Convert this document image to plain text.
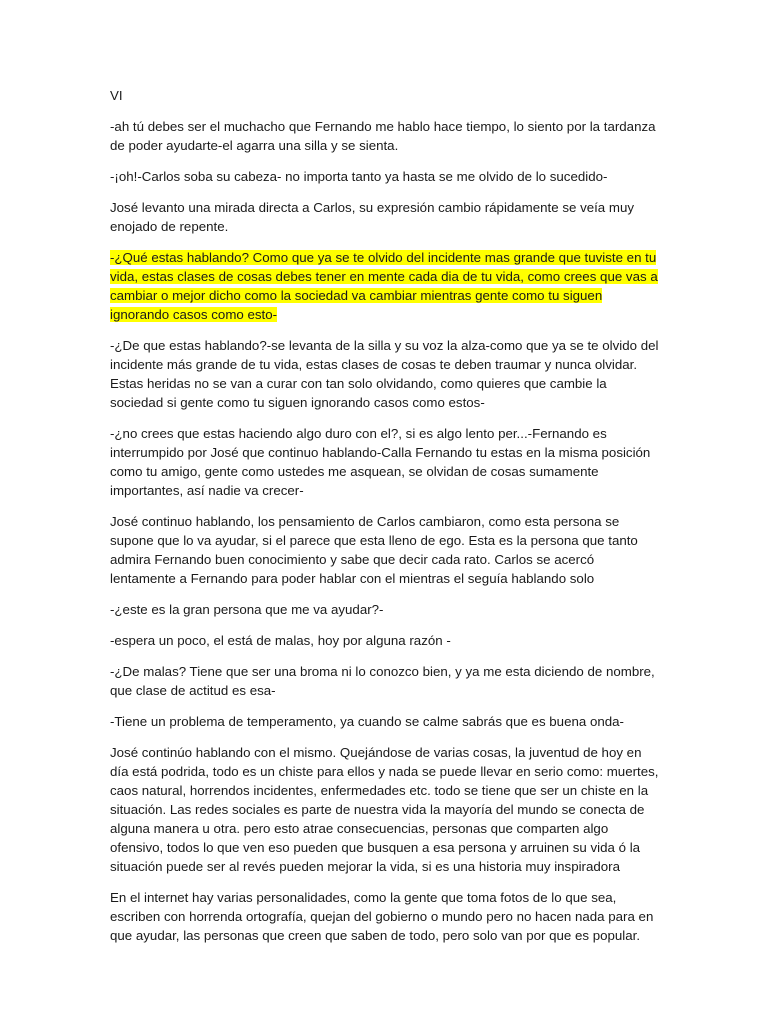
VI

-ah tú debes ser el muchacho que Fernando me hablo hace tiempo, lo siento por la tardanza de poder ayudarte-el agarra una silla y se sienta.

-¡oh!-Carlos soba su cabeza- no importa tanto ya hasta se me olvido de lo sucedido-

José levanto una mirada directa a Carlos, su expresión cambio rápidamente se veía muy enojado de repente.

-¿Qué estas hablando? Como que ya se te olvido del incidente mas grande que tuviste en tu vida, estas clases de cosas debes tener en mente cada dia de tu vida, como crees que vas a cambiar o mejor dicho como la sociedad va cambiar mientras gente como tu siguen ignorando casos como esto-

-¿De que estas hablando?-se levanta de la silla y su voz la alza-como que ya se te olvido del incidente más grande de tu vida, estas clases de cosas te deben traumar y nunca olvidar. Estas heridas no se van a curar con tan solo olvidando, como quieres que cambie la sociedad si gente como tu siguen ignorando casos como estos-

-¿no crees que estas haciendo algo duro con el?, si es algo lento per...-Fernando es interrumpido por José que continuo hablando-Calla Fernando tu estas en la misma posición como tu amigo, gente como ustedes me asquean, se olvidan de cosas sumamente importantes, así nadie va crecer-

José continuo hablando, los pensamiento de Carlos cambiaron, como esta persona se supone que lo va ayudar, si el parece que esta lleno de ego. Esta es la persona que tanto admira Fernando buen conocimiento y sabe que decir cada rato. Carlos se acercó lentamente a Fernando para poder hablar con el mientras el seguía hablando solo

-¿este es la gran persona que me va ayudar?-

-espera un poco, el está de malas, hoy por alguna razón -

-¿De malas? Tiene que ser una broma ni lo conozco bien, y ya me esta diciendo de nombre, que clase de actitud es esa-

-Tiene un problema de temperamento, ya cuando se calme sabrás que es buena onda-

José continúo hablando con el mismo. Quejándose de varias cosas, la juventud de hoy en día está podrida, todo es un chiste para ellos y nada se puede llevar en serio como: muertes, caos natural, horrendos incidentes, enfermedades etc. todo se tiene que ser un chiste en la situación. Las redes sociales es parte de nuestra vida la mayoría del mundo se conecta de alguna manera u otra. pero esto atrae consecuencias, personas que comparten algo ofensivo, todos lo que ven eso pueden que busquen a esa persona y arruinen su vida ó la situación puede ser al revés pueden mejorar la vida, si es una historia muy inspiradora

En el internet hay varias personalidades, como la gente que toma fotos de lo que sea, escriben con horrenda ortografía, quejan del gobierno o mundo pero no hacen nada para en que ayudar, las personas que creen que saben de todo, pero solo van por que es popular.
